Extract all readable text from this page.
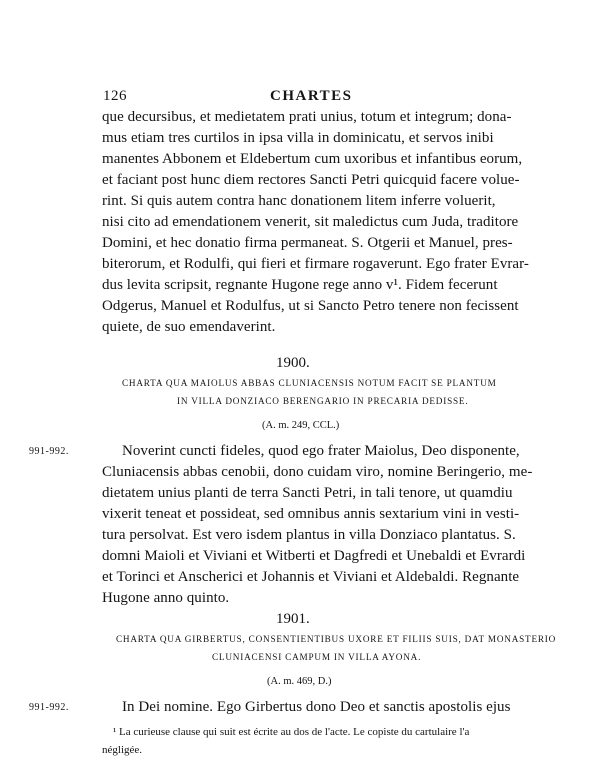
126	CHARTES
que decursibus, et medietatem prati unius, totum et integrum; dona-
mus etiam tres curtilos in ipsa villa in dominicatu, et servos inibi
manentes Abbonem et Eldebertum cum uxoribus et infantibus eorum,
et faciant post hunc diem rectores Sancti Petri quicquid facere volue-
rint. Si quis autem contra hanc donationem litem inferre voluerit,
nisi cito ad emendationem venerit, sit maledictus cum Juda, traditore
Domini, et hec donatio firma permaneat. S. Otgerii et Manuel, pres-
biterorum, et Rodulfi, qui fieri et firmare rogaverunt. Ego frater Evrar-
dus levita scripsit, regnante Hugone rege anno v¹. Fidem fecerunt
Odgerus, Manuel et Rodulfus, ut si Sancto Petro tenere non fecissent
quiete, de suo emendaverint.
1900.
CHARTA QUA MAIOLUS ABBAS CLUNIACENSIS NOTUM FACIT SE PLANTUM
IN VILLA DONZIACO BERENGARIO IN PRECARIA DEDISSE.
(A. m. 249, CCL.)
991-992.	Noverint cuncti fideles, quod ego frater Maiolus, Deo disponente,
Cluniacensis abbas cenobii, dono cuidam viro, nomine Beringerio, me-
dietatem unius planti de terra Sancti Petri, in tali tenore, ut quamdiu
vixerit teneat et possideat, sed omnibus annis sextarium vini in vesti-
tura persolvat. Est vero isdem plantus in villa Donziaco plantatus. S.
domni Maioli et Viviani et Witberti et Dagfredi et Unebaldi et Evrardi
et Torinci et Anscherici et Johannis et Viviani et Aldebaldi. Regnante
Hugone anno quinto.
1901.
CHARTA QUA GIRBERTUS, CONSENTIENTIBUS UXORE ET FILIIS SUIS, DAT MONASTERIO
CLUNIACENSI CAMPUM IN VILLA AYONA.
(A. m. 469, D.)
991-992.	In Dei nomine. Ego Girbertus dono Deo et sanctis apostolis ejus
¹ La curieuse clause qui suit est écrite au dos de l'acte. Le copiste du cartulaire l'a
négligée.
